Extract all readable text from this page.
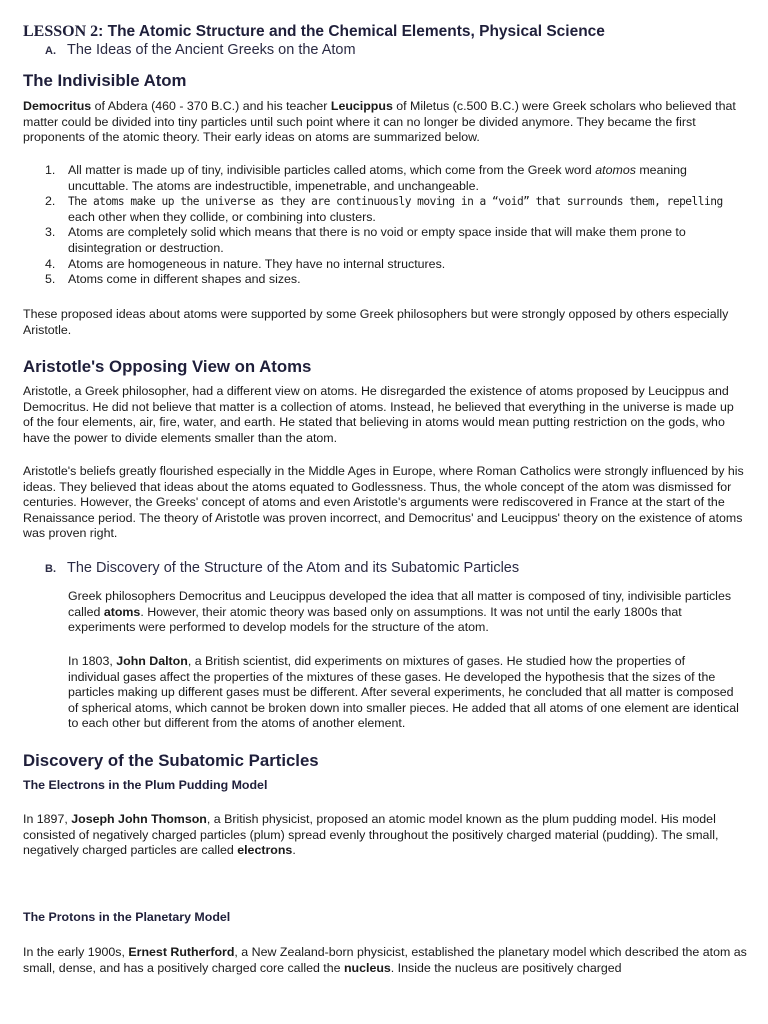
LESSON 2: The Atomic Structure and the Chemical Elements, Physical Science
A. The Ideas of the Ancient Greeks on the Atom
The Indivisible Atom

Democritus of Abdera (460 - 370 B.C.) and his teacher Leucippus of Miletus (c.500 B.C.) were Greek scholars who believed that matter could be divided into tiny particles until such point where it can no longer be divided anymore. They became the first proponents of the atomic theory. Their early ideas on atoms are summarized below.

1. All matter is made up of tiny, indivisible particles called atoms, which come from the Greek word atomos meaning uncuttable. The atoms are indestructible, impenetrable, and unchangeable.
2. The atoms make up the universe as they are continuously moving in a “void” that surrounds them, repelling each other when they collide, or combining into clusters.
3. Atoms are completely solid which means that there is no void or empty space inside that will make them prone to disintegration or destruction.
4. Atoms are homogeneous in nature. They have no internal structures.
5. Atoms come in different shapes and sizes.

These proposed ideas about atoms were supported by some Greek philosophers but were strongly opposed by others especially Aristotle.

Aristotle's Opposing View on Atoms

Aristotle, a Greek philosopher, had a different view on atoms. He disregarded the existence of atoms proposed by Leucippus and Democritus. He did not believe that matter is a collection of atoms. Instead, he believed that everything in the universe is made up of the four elements, air, fire, water, and earth. He stated that believing in atoms would mean putting restriction on the gods, who have the power to divide elements smaller than the atom.

Aristotle's beliefs greatly flourished especially in the Middle Ages in Europe, where Roman Catholics were strongly influenced by his ideas. They believed that ideas about the atoms equated to Godlessness. Thus, the whole concept of the atom was dismissed for centuries. However, the Greeks' concept of atoms and even Aristotle's arguments were rediscovered in France at the start of the Renaissance period. The theory of Aristotle was proven incorrect, and Democritus' and Leucippus' theory on the existence of atoms was proven right.

B. The Discovery of the Structure of the Atom and its Subatomic Particles

Greek philosophers Democritus and Leucippus developed the idea that all matter is composed of tiny, indivisible particles called atoms. However, their atomic theory was based only on assumptions. It was not until the early 1800s that experiments were performed to develop models for the structure of the atom.

In 1803, John Dalton, a British scientist, did experiments on mixtures of gases. He studied how the properties of individual gases affect the properties of the mixtures of these gases. He developed the hypothesis that the sizes of the particles making up different gases must be different. After several experiments, he concluded that all matter is composed of spherical atoms, which cannot be broken down into smaller pieces. He added that all atoms of one element are identical to each other but different from the atoms of another element.

Discovery of the Subatomic Particles
The Electrons in the Plum Pudding Model

In 1897, Joseph John Thomson, a British physicist, proposed an atomic model known as the plum pudding model. His model consisted of negatively charged particles (plum) spread evenly throughout the positively charged material (pudding). The small, negatively charged particles are called electrons.

The Protons in the Planetary Model

In the early 1900s, Ernest Rutherford, a New Zealand-born physicist, established the planetary model which described the atom as small, dense, and has a positively charged core called the nucleus. Inside the nucleus are positively charged
